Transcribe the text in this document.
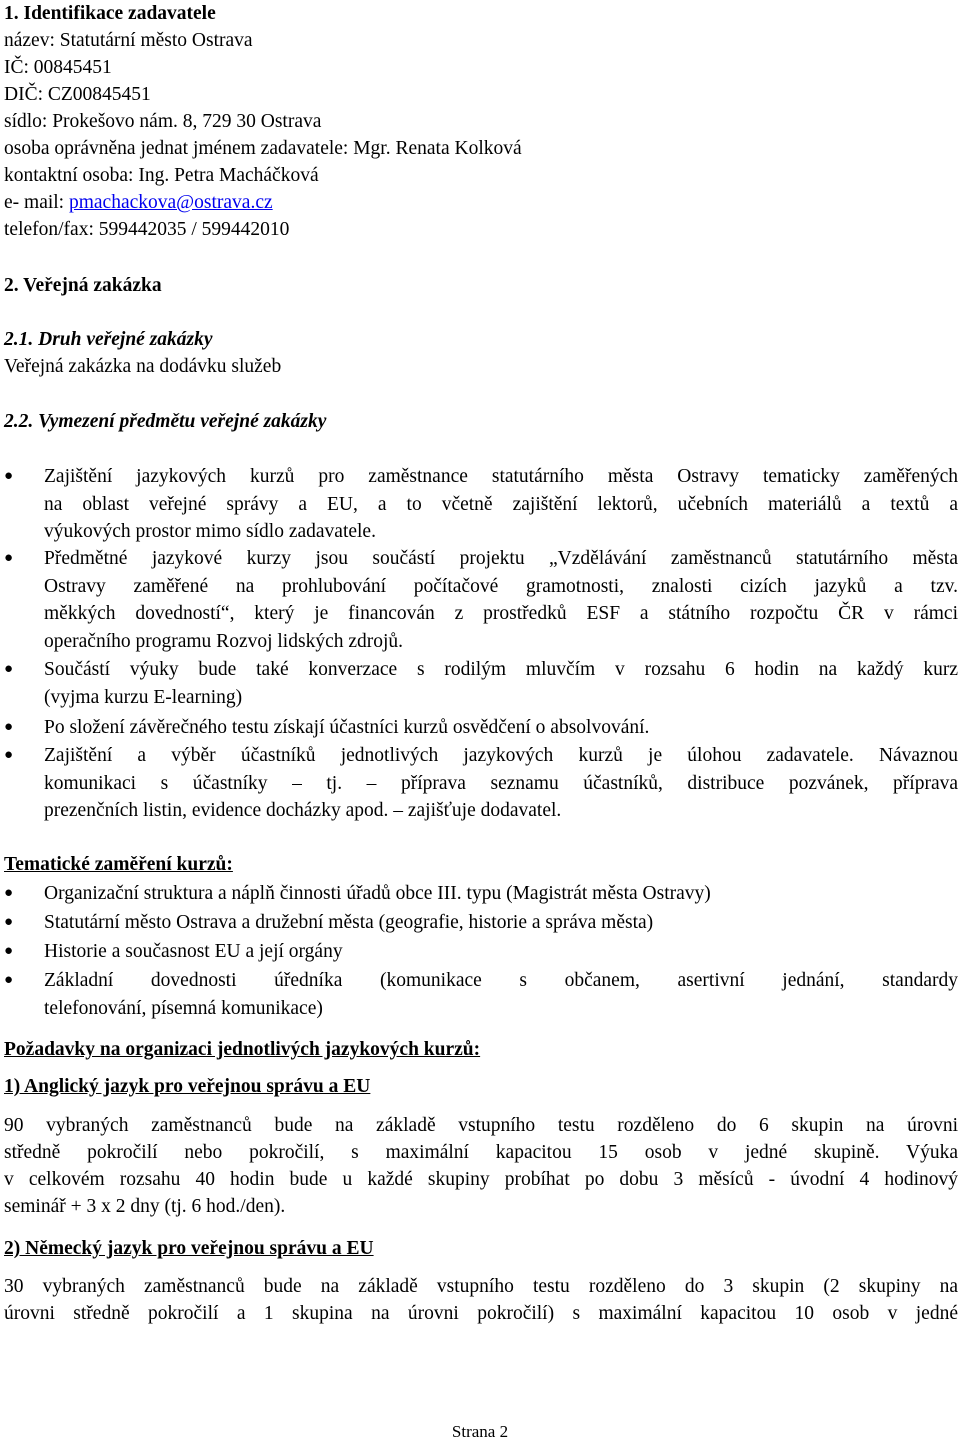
1. Identifikace zadavatele
název: Statutární město Ostrava
IČ: 00845451
DIČ: CZ00845451
sídlo: Prokešovo nám. 8, 729 30 Ostrava
osoba oprávněna jednat jménem zadavatele: Mgr. Renata Kolková
kontaktní osoba: Ing. Petra Macháčková
e- mail: pmachackova@ostrava.cz
telefon/fax: 599442035 / 599442010
2. Veřejná zakázka
2.1. Druh veřejné zakázky
Veřejná zakázka na dodávku služeb
2.2. Vymezení předmětu veřejné zakázky
● Zajištění jazykových kurzů pro zaměstnance statutárního města Ostravy tematicky zaměřených
na oblast veřejné správy a EU, a to včetně zajištění lektorů, učebních materiálů a textů a
výukových prostor mimo sídlo zadavatele.
● Předmětné jazykové kurzy jsou součástí projektu „Vzdělávání zaměstnanců statutárního města
Ostravy zaměřené na prohlubování počítačové gramotnosti, znalosti cizích jazyků a tzv.
měkkých dovedností“, který je financován z prostředků ESF a státního rozpočtu ČR v rámci
operačního programu Rozvoj lidských zdrojů.
● Součástí výuky bude také konverzace s rodilým mluvčím v rozsahu 6 hodin na každý kurz
(vyjma kurzu E-learning)
● Po složení závěrečného testu získají účastníci kurzů osvědčení o absolvování.
● Zajištění a výběr účastníků jednotlivých jazykových kurzů je úlohou zadavatele. Návaznou
komunikaci s účastníky – tj. – příprava seznamu účastníků, distribuce pozvánek, příprava
prezenčních listin, evidence docházky apod. – zajišťuje dodavatel.
Tematické zaměření kurzů:
● Organizační struktura a náplň činnosti úřadů obce III. typu (Magistrát města Ostravy)
● Statutární město Ostrava a družební města (geografie, historie a správa města)
● Historie a současnost EU a její orgány
● Základní dovednosti úředníka (komunikace s občanem, asertivní jednání, standardy
telefonování, písemná komunikace)
Požadavky na organizaci jednotlivých jazykových kurzů:
1) Anglický jazyk pro veřejnou správu a EU
90 vybraných zaměstnanců bude na základě vstupního testu rozděleno do 6 skupin na úrovni
středně pokročilí nebo pokročilí, s maximální kapacitou 15 osob v jedné skupině. Výuka
v celkovém rozsahu 40 hodin bude u každé skupiny probíhat po dobu 3 měsíců - úvodní 4 hodinový
seminář + 3 x 2 dny (tj. 6 hod./den).
2) Německý jazyk pro veřejnou správu a EU
30 vybraných zaměstnanců bude na základě vstupního testu rozděleno do 3 skupin (2 skupiny na
úrovni středně pokročilí a 1 skupina na úrovni pokročilí) s maximální kapacitou 10 osob v jedné
Strana 2
